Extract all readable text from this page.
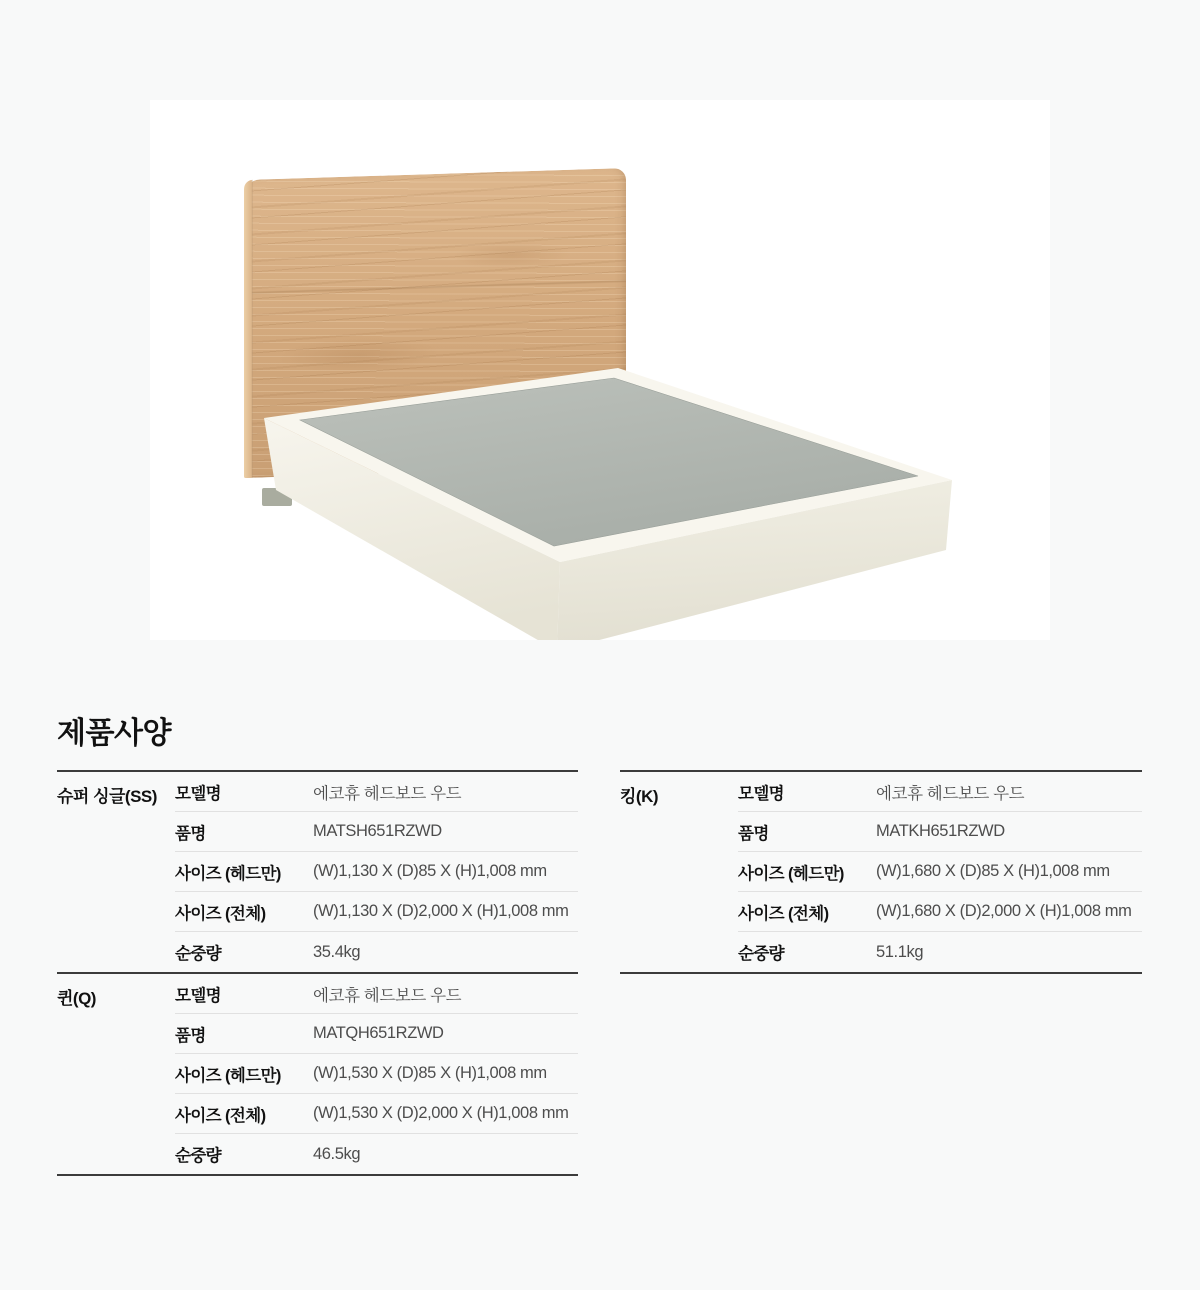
제품사양
슈퍼 싱글(SS)	모델명	에코휴 헤드보드 우드
품명	MATSH651RZWD
사이즈 (헤드만)	(W)1,130 X (D)85 X (H)1,008 mm
사이즈 (전체)	(W)1,130 X (D)2,000 X (H)1,008 mm
순중량	35.4kg
퀸(Q)	모델명	에코휴 헤드보드 우드
품명	MATQH651RZWD
사이즈 (헤드만)	(W)1,530 X (D)85 X (H)1,008 mm
사이즈 (전체)	(W)1,530 X (D)2,000 X (H)1,008 mm
순중량	46.5kg
킹(K)	모델명	에코휴 헤드보드 우드
품명	MATKH651RZWD
사이즈 (헤드만)	(W)1,680 X (D)85 X (H)1,008 mm
사이즈 (전체)	(W)1,680 X (D)2,000 X (H)1,008 mm
순중량	51.1kg
